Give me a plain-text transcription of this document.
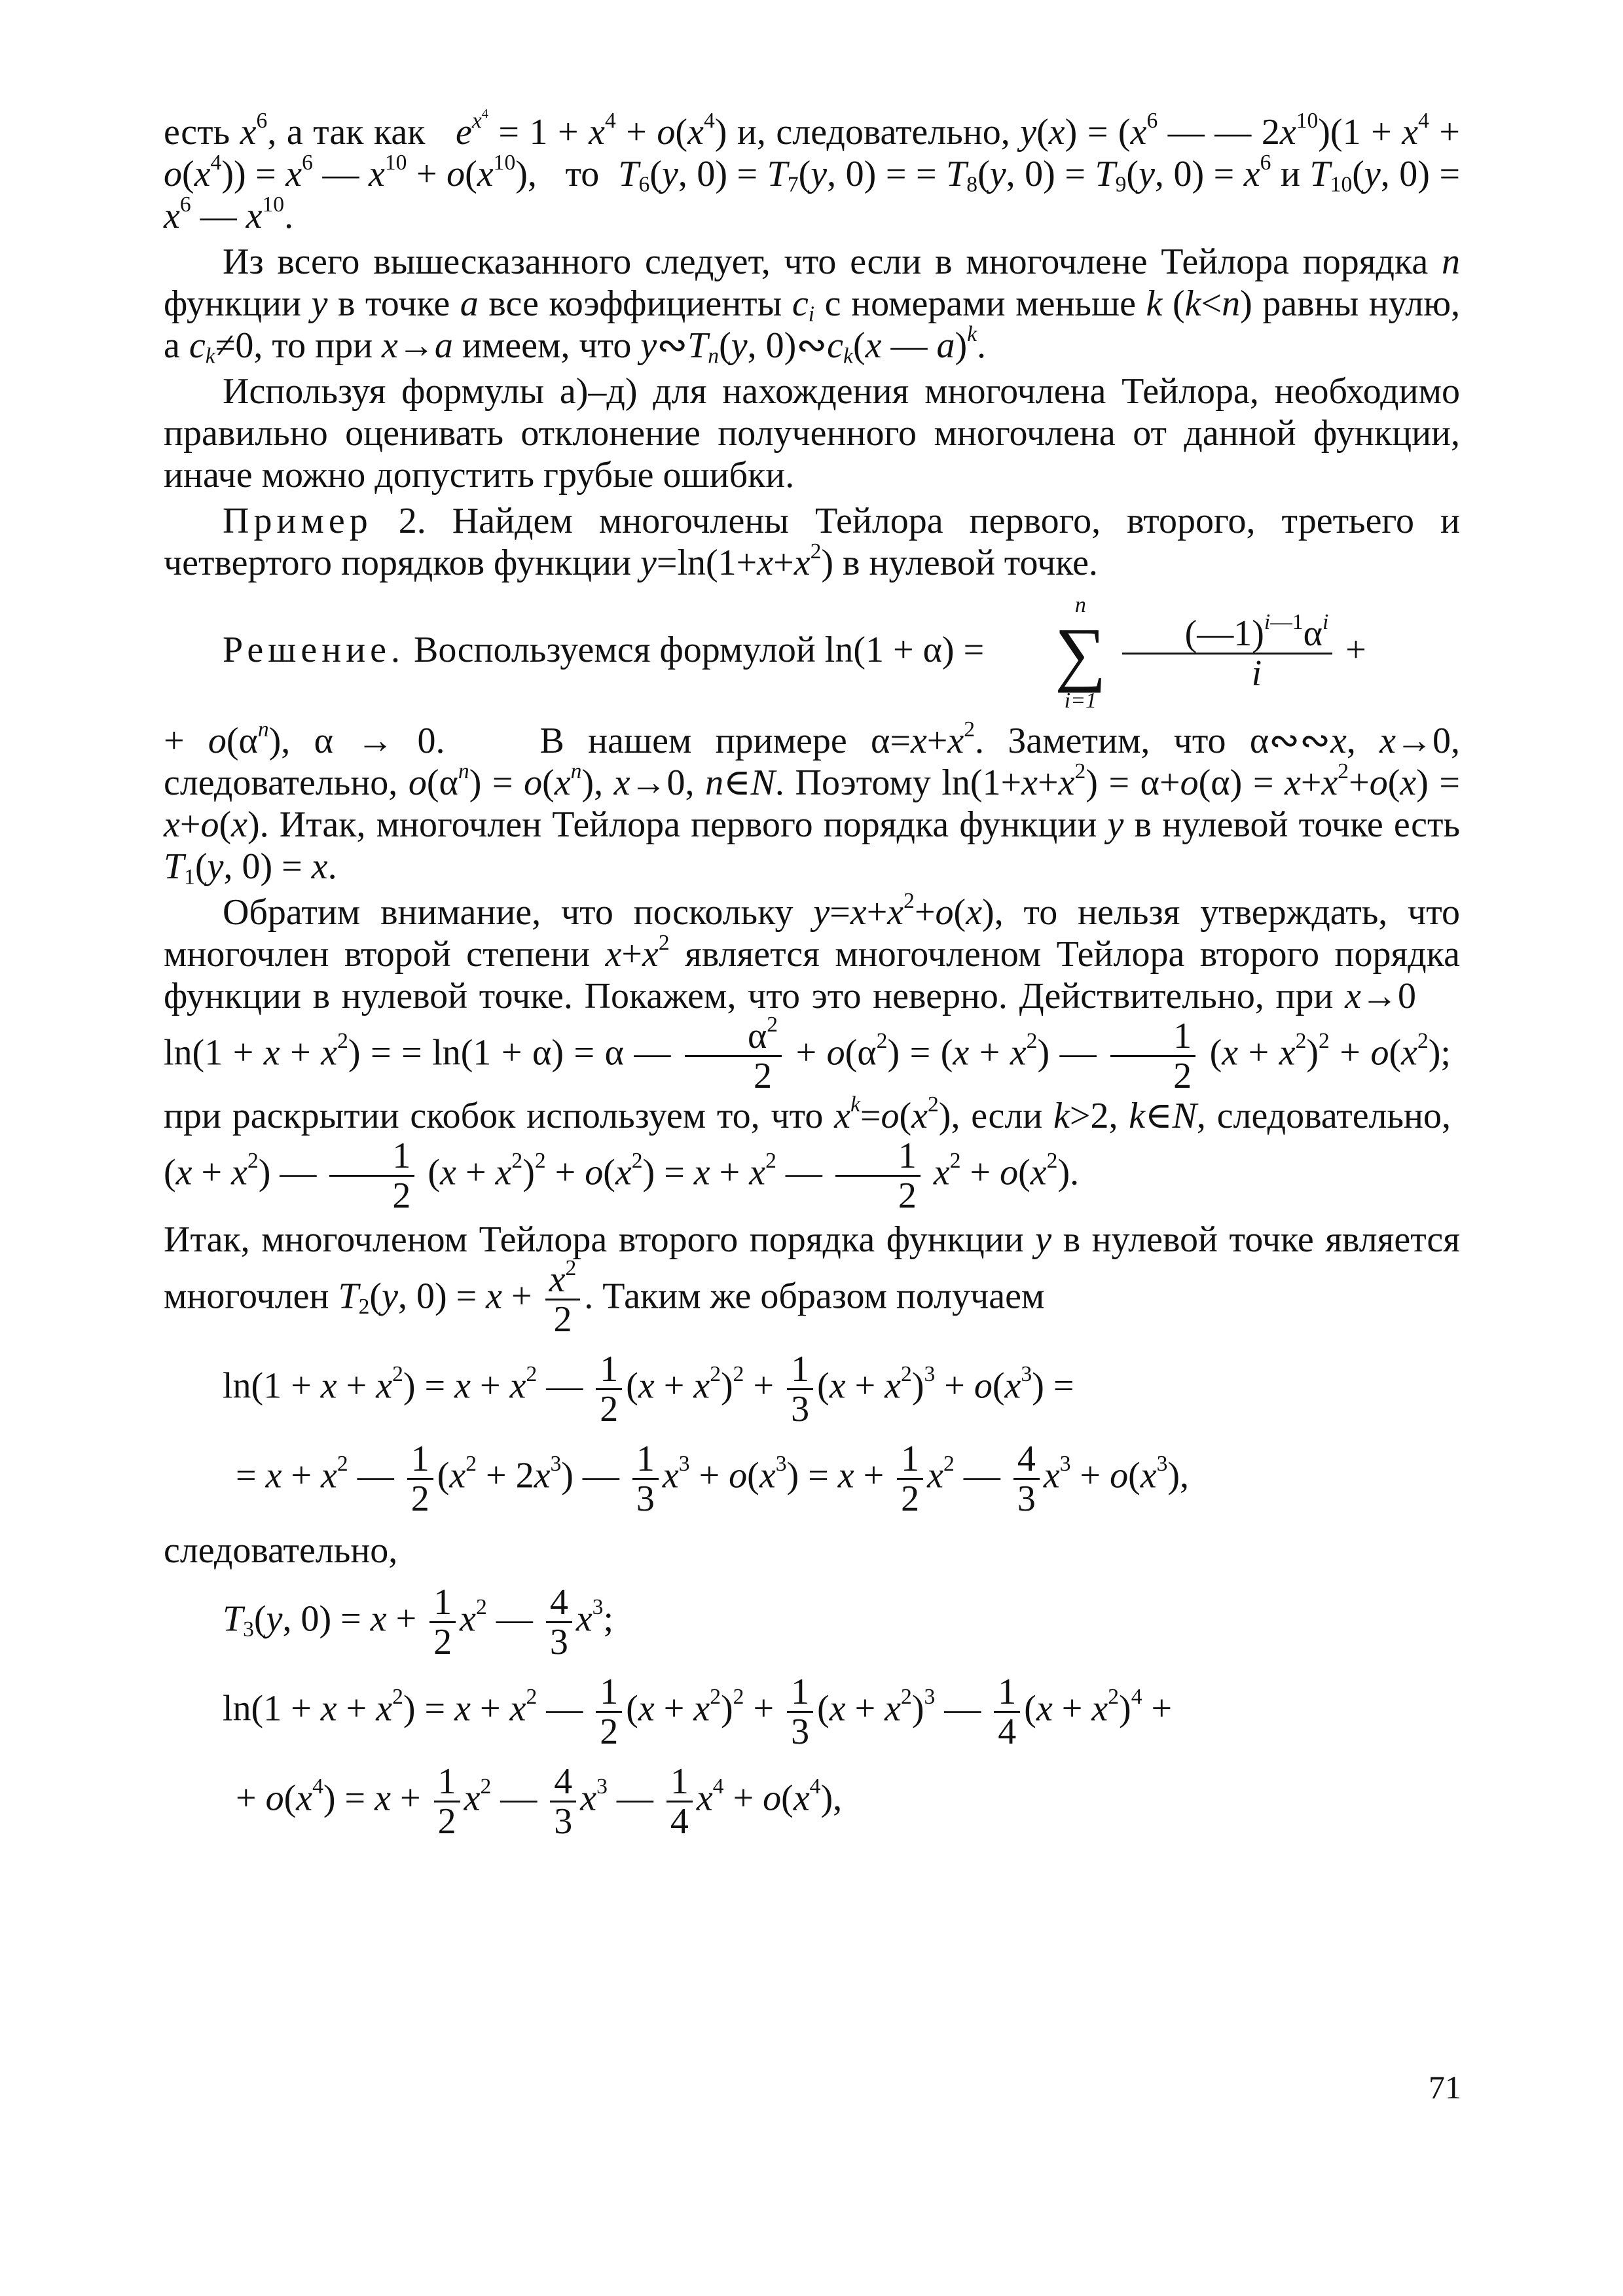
есть $x^6$, а так как $e^{x^4} = 1 + x^4 + o(x^4)$ и, следовательно, $y(x) = (x^6$ — — $2x^{10})(1 + x^4 + o(x^4)) = x^6$ — $x^{10} + o(x^{10})$,   то $T_6(y$, $0) = T_7(y$, 0) = = $T_8(y$, $0) = T_9(y$, $0) = x^6$ и $T_{10}(y$, $0) = x^6$ — $x^{10}$.

Из всего вышесказанного следует, что если в многочлене Тейлора порядка n функции y в точке a все коэффициенты $c_i$ с номерами меньше k (k<n) равны нулю, а $c_k\ne 0$, то при x→a имеем, что $y∾T_n(y$, $0)∾c_k(x$ — a)$^k$.

Используя формулы а)–д) для нахождения многочлена Тейлора, необходимо правильно оценивать отклонение полученного многочлена от данной функции, иначе можно допустить грубые ошибки.

Пример 2. Найдем многочлены Тейлора первого, второго, третьего и четвертого порядков функции $y=\ln(1+x+x^2)$ в нулевой точке.

Решение. Воспользуемся формулой ln(1 + α) =
n
∑
i=1

$\frac{(—1)^{i—1}\alpha^i}{i}$ +

+ $o(\alpha^n)$, α → 0.    В нашем примере $\alpha=x+x^2$. Заметим, что α∾∾x, x→0, следовательно, $o(\alpha^n) = o(x^n)$, x→0, n∈N. Поэтому $\ln(1+x+x^2) = \alpha+o(\alpha) = x+x^2+o(x) = x+o(x)$. Итак, многочлен Тейлора первого порядка функции y в нулевой точке есть $T_1(y$, 0) = x.

Обратим внимание, что поскольку $y=x+x^2+o(x)$, то нельзя утверждать, что многочлен второй степени $x+x^2$ является многочленом Тейлора второго порядка функции в нулевой точке. Покажем, что это неверно. Действительно, при x→0     $\ln(1 + x + x^2)$ = = ln(1 + α) = α — $\frac{\alpha^2}{2} + o(\alpha^2) = (x + x^2)$ — $\frac{1}{2} (x + x^2)^2 + o(x^2)$;  при раскрытии скобок используем то, что $x^k=o(x^2)$, если k>2, k∈N, следовательно,  $(x + x^2)$ — $\frac{1}{2} (x + x^2)^2 + o(x^2) = x + x^2$ — $\frac{1}{2} x^2 + o(x^2)$.

Итак, многочленом Тейлора второго порядка функции y в нулевой точке является многочлен $T_2(y$, $0) = x + \frac{x^2}{2}$ . Таким же образом получаем

$\ln(1 + x + x^2) = x + x^2$ — $\frac{1}{2} (x + x^2)^2 + \frac{1}{3} (x + x^2)^3 + o(x^3)$ =
= $x + x^2$ — $\frac{1}{2} (x^2 + 2x^3)$ — $\frac{1}{3} x^3 + o(x^3) = x + \frac{1}{2} x^2$ — $\frac{4}{3} x^3 + o(x^3)$,

следовательно,

$T_3(y$, $0) = x + \frac{1}{2} x^2$ — $\frac{4}{3} x^3$;
$\ln(1 + x + x^2) = x + x^2$ — $\frac{1}{2} (x + x^2)^2 + \frac{1}{3} (x + x^2)^3$ — $\frac{1}{4} (x + x^2)^4$ +
+ $o(x^4) = x + \frac{1}{2} x^2$ — $\frac{4}{3} x^3$ — $\frac{1}{4} x^4 + o(x^4)$,
71
